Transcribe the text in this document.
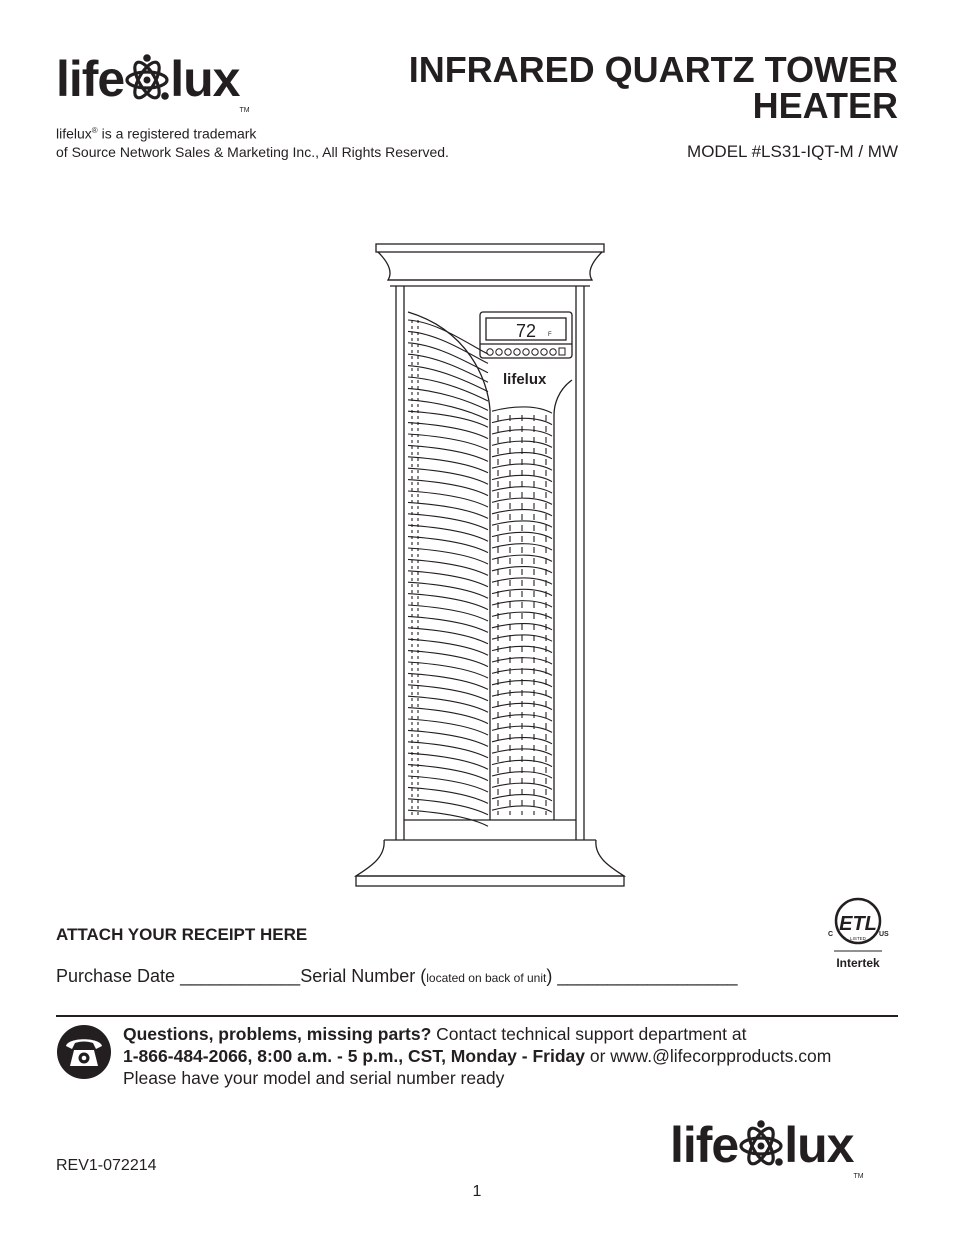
life luxTM
lifelux® is a registered trademark
of Source Network Sales & Marketing Inc., All Rights Reserved.
INFRARED QUARTZ TOWER
HEATER
MODEL #LS31-IQT-M / MW
72 F
lifelux
ATTACH YOUR RECEIPT HERE
Purchase Date ____________Serial Number (located on back of unit) __________________
ETL
LISTED
C	US
Intertek
Questions, problems, missing parts? Contact technical support department at
1-866-484-2066, 8:00 a.m. - 5 p.m., CST, Monday - Friday or www.@lifecorpproducts.com
Please have your model and serial number ready
life luxTM
REV1-072214
1
